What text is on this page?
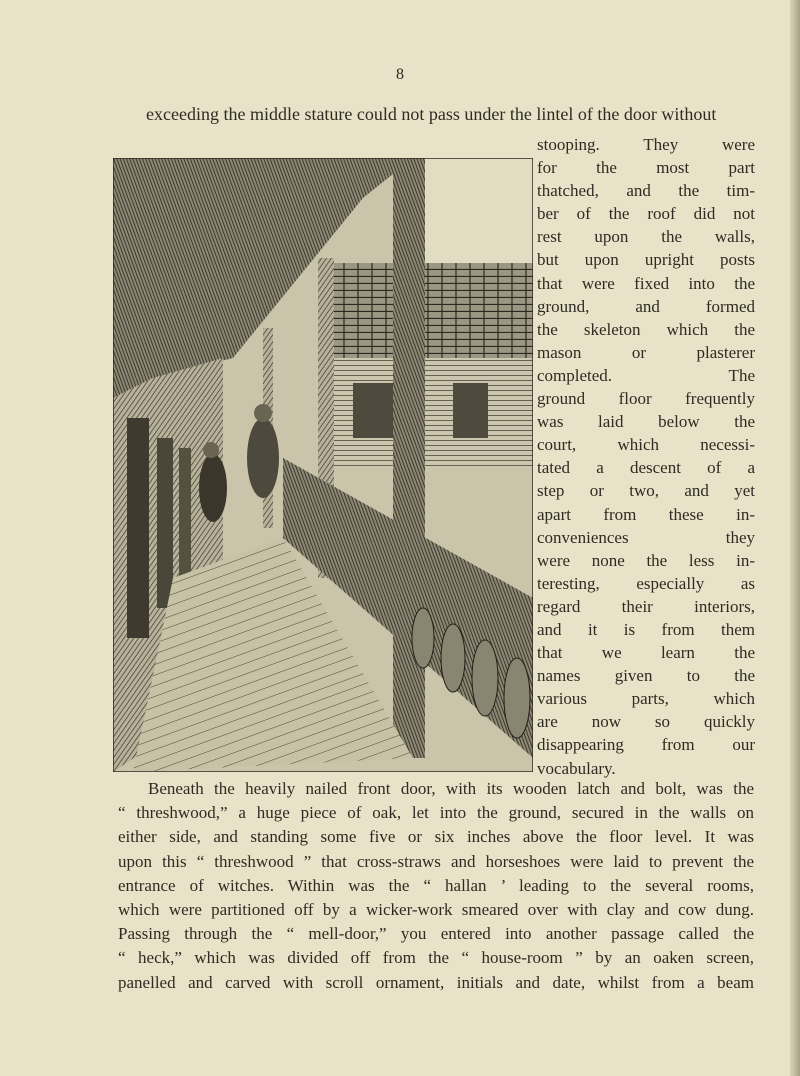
8
exceeding the middle stature could not pass under the lintel of the door without
stooping. They were
for the most part
thatched, and the tim-
ber of the roof did not
rest upon the walls,
but upon upright posts
that were fixed into the
ground, and formed
the skeleton which the
mason or plasterer
completed. The
ground floor frequently
was laid below the
court, which necessi-
tated a descent of a
step or two, and yet
apart from these in-
conveniences they
were none the less in-
teresting, especially as
regard their interiors,
and it is from them
that we learn the
names given to the
various parts, which
are now so quickly
disappearing from our
vocabulary.
Beneath the heavily nailed front door, with its wooden latch and bolt, was the
“ threshwood,” a huge piece of oak, let into the ground, secured in the walls on
either side, and standing some five or six inches above the floor level. It was
upon this “ threshwood ” that cross-straws and horseshoes were laid to prevent the
entrance of witches. Within was the “ hallan ’ leading to the several rooms,
which were partitioned off by a wicker-work smeared over with clay and cow dung.
Passing through the “ mell-door,” you entered into another passage called the
“ heck,” which was divided off from the “ house-room ” by an oaken screen,
panelled and carved with scroll ornament, initials and date, whilst from a beam
